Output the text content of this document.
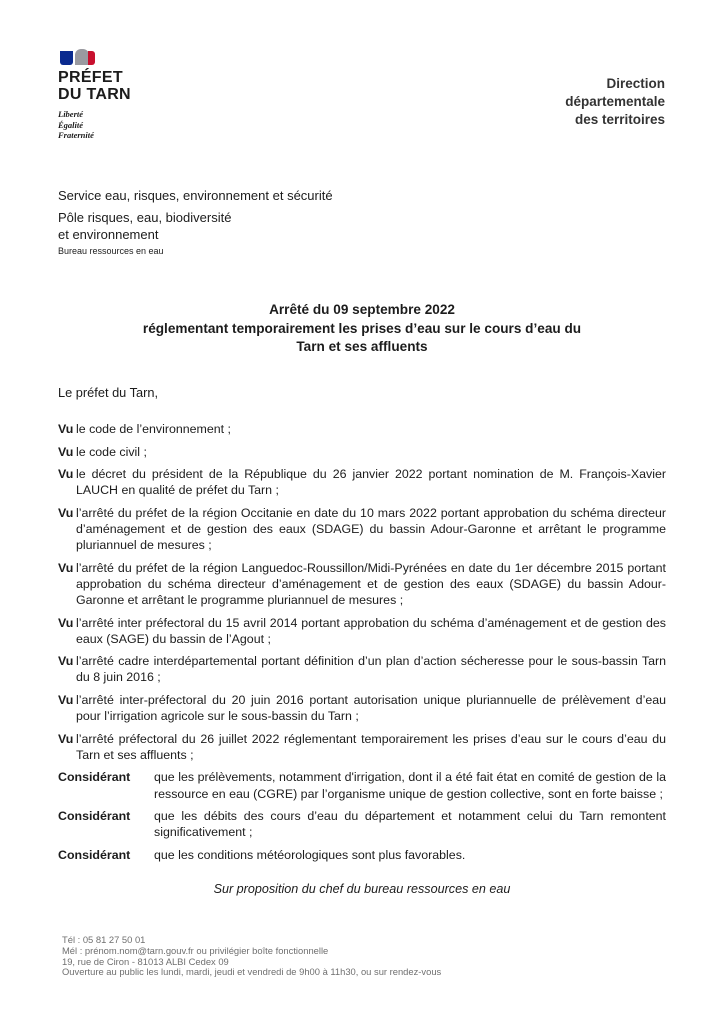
PRÉFET
DU TARN
Liberté
Égalité
Fraternité
Direction
départementale
des territoires
Service eau, risques, environnement et sécurité
Pôle risques, eau, biodiversité
et environnement
Bureau ressources en eau
Arrêté du 09 septembre 2022
réglementant temporairement les prises d’eau sur le cours d’eau du
Tarn et ses affluents
Le préfet du Tarn,
Vu le code de l’environnement ;
Vu le code civil ;
Vu le décret du président de la République du 26 janvier 2022 portant nomination de M. François-Xavier LAUCH en qualité de préfet du Tarn ;
Vu l’arrêté du préfet de la région Occitanie en date du 10 mars 2022 portant approbation du schéma directeur d’aménagement et de gestion des eaux (SDAGE) du bassin Adour-Garonne et arrêtant le programme pluriannuel de mesures ;
Vu l’arrêté du préfet de la région Languedoc-Roussillon/Midi-Pyrénées en date du 1er décembre 2015 portant approbation du schéma directeur d’aménagement et de gestion des eaux (SDAGE) du bassin Adour-Garonne et arrêtant le programme pluriannuel de mesures ;
Vu l’arrêté inter préfectoral du 15 avril 2014 portant approbation du schéma d’aménagement et de gestion des eaux (SAGE) du bassin de l’Agout ;
Vu l’arrêté cadre interdépartemental portant définition d’un plan d’action sécheresse pour le sous-bassin Tarn du 8 juin 2016 ;
Vu l’arrêté inter-préfectoral du 20 juin 2016 portant autorisation unique pluriannuelle de prélèvement d’eau pour l’irrigation agricole sur le sous-bassin du Tarn ;
Vu l’arrêté préfectoral du 26 juillet 2022 réglementant temporairement les prises d’eau sur le cours d’eau du Tarn et ses affluents ;
Considérant	que les prélèvements, notamment d'irrigation, dont il a été fait état en comité de gestion de la ressource en eau (CGRE) par l’organisme unique de gestion collective, sont en forte baisse ;
Considérant	que les débits des cours d’eau du département et notamment celui du Tarn remontent significativement ;
Considérant	que les conditions météorologiques sont plus favorables.
Sur proposition du chef du bureau ressources en eau
Tél : 05 81 27 50 01
Mél : prénom.nom@tarn.gouv.fr ou privilégier boîte fonctionnelle
19, rue de Ciron - 81013 ALBI Cedex 09
Ouverture au public les lundi, mardi, jeudi et vendredi de 9h00 à 11h30, ou sur rendez-vous
